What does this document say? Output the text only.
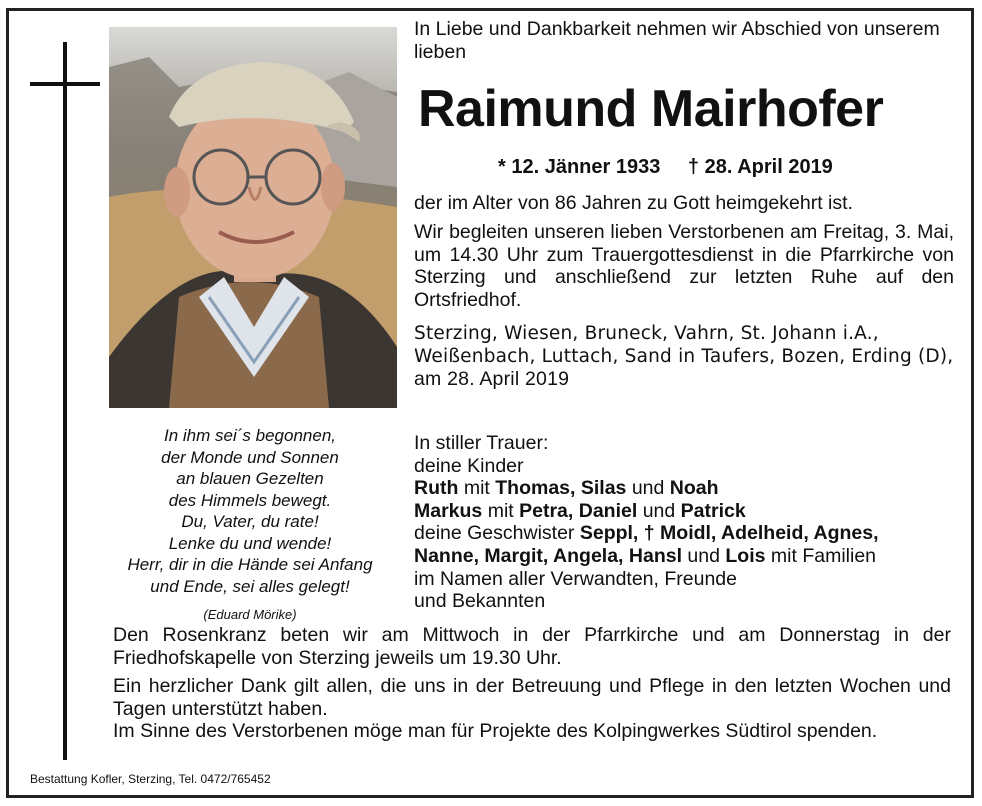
In ihm sei´s begonnen,
der Monde und Sonnen
an blauen Gezelten
des Himmels bewegt.
Du, Vater, du rate!
Lenke du und wende!
Herr, dir in die Hände sei Anfang
und Ende, sei alles gelegt!
(Eduard Mörike)
In Liebe und Dankbarkeit nehmen wir Abschied von unserem lieben
Raimund Mairhofer
* 12. Jänner 1933 † 28. April 2019
der im Alter von 86 Jahren zu Gott heimgekehrt ist.
Wir begleiten unseren lieben Verstorbenen am Freitag, 3. Mai, um 14.30 Uhr zum Trauergottesdienst in die Pfarrkirche von Sterzing und anschließend zur letzten Ruhe auf den Ortsfriedhof.
Sterzing, Wiesen, Bruneck, Vahrn, St. Johann i.A., Weißenbach, Luttach, Sand in Taufers, Bozen, Erding (D),
am 28. April 2019
In stiller Trauer:
deine Kinder
Ruth mit Thomas, Silas und Noah
Markus mit Petra, Daniel und Patrick
deine Geschwister Seppl, † Moidl, Adelheid, Agnes,
Nanne, Margit, Angela, Hansl und Lois mit Familien
im Namen aller Verwandten, Freunde
und Bekannten
Den Rosenkranz beten wir am Mittwoch in der Pfarrkirche und am Donnerstag in der Friedhofskapelle von Sterzing jeweils um 19.30 Uhr.
Ein herzlicher Dank gilt allen, die uns in der Betreuung und Pflege in den letzten Wochen und Tagen unterstützt haben.
Im Sinne des Verstorbenen möge man für Projekte des Kolpingwerkes Südtirol spenden.
Bestattung Kofler, Sterzing, Tel. 0472/765452
